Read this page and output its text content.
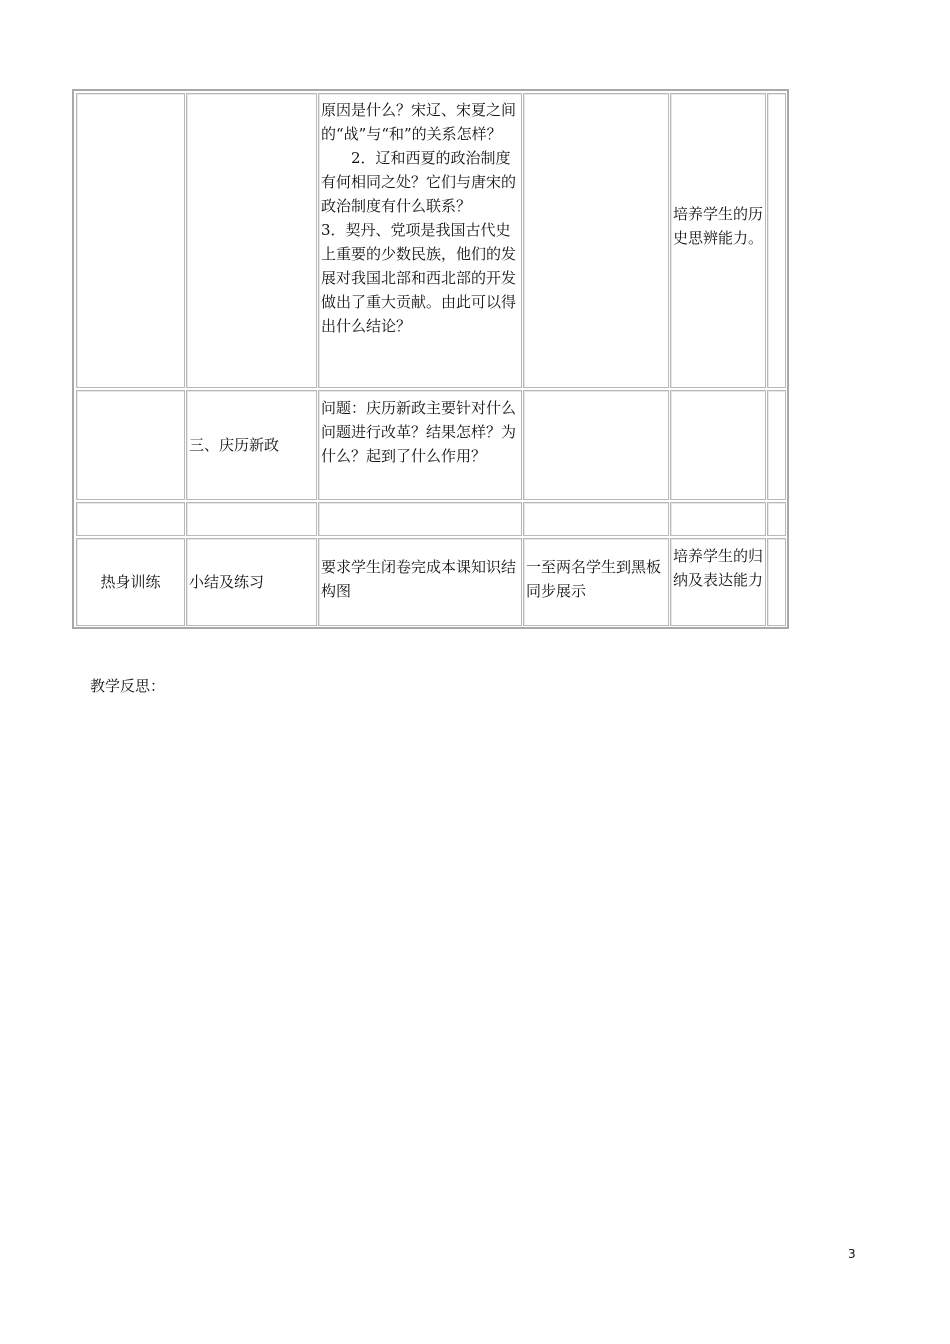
原因是什么？宋辽、宋夏之间的“战”与“和”的关系怎样？
2．辽和西夏的政治制度有何相同之处？它们与唐宋的政治制度有什么联系？
3．契丹、党项是我国古代史上重要的少数民族，他们的发展对我国北部和西北部的开发做出了重大贡献。由此可以得出什么结论？
培养学生的历史思辨能力。
三、庆历新政
问题：庆历新政主要针对什么问题进行改革？结果怎样？为什么？起到了什么作用？
热身训练 小结及练习
要求学生闭卷完成本课知识结构图
一至两名学生到黑板同步展示
培养学生的归纳及表达能力
教学反思：
3
